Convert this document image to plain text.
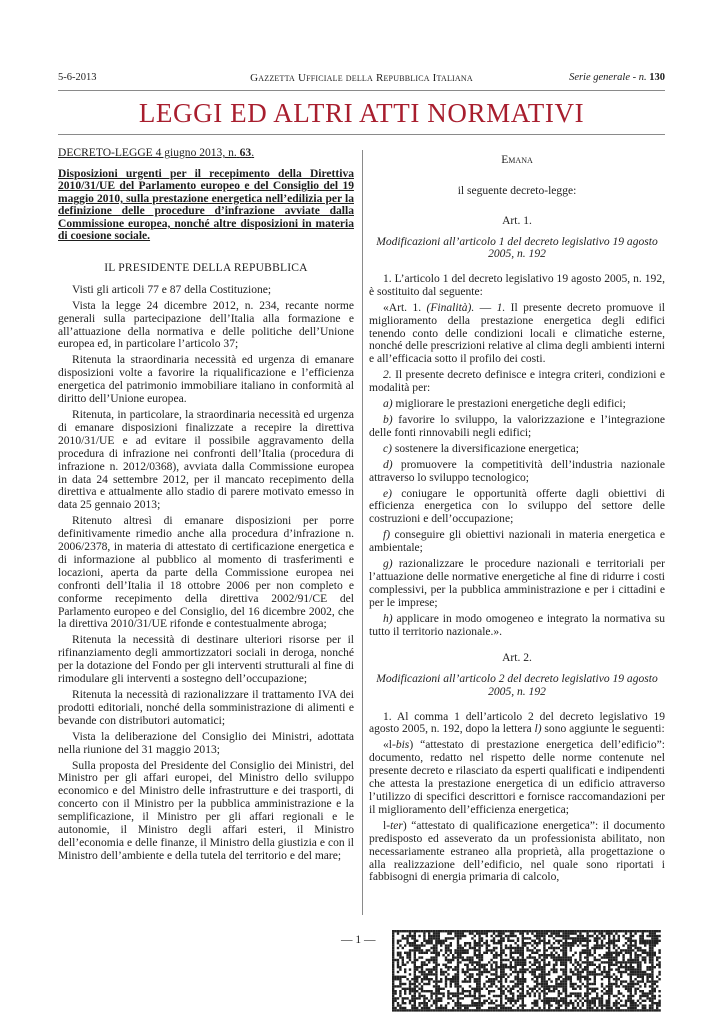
5-6-2013	Gazzetta Ufficiale della Repubblica Italiana	Serie generale - n. 130
LEGGI ED ALTRI ATTI NORMATIVI

DECRETO-LEGGE 4 giugno 2013, n. 63.

Disposizioni urgenti per il recepimento della Direttiva 2010/31/UE del Parlamento europeo e del Consiglio del 19 maggio 2010, sulla prestazione energetica nell’edilizia per la definizione delle procedure d’infrazione avviate dalla Commissione europea, nonché altre disposizioni in materia di coesione sociale.

IL PRESIDENTE DELLA REPUBBLICA

Visti gli articoli 77 e 87 della Costituzione;

Vista la legge 24 dicembre 2012, n. 234, recante norme generali sulla partecipazione dell’Italia alla formazione e all’attuazione della normativa e delle politiche dell’Unione europea ed, in particolare l’articolo 37;

Ritenuta la straordinaria necessità ed urgenza di emanare disposizioni volte a favorire la riqualificazione e l’efficienza energetica del patrimonio immobiliare italiano in conformità al diritto dell’Unione europea.

Ritenuta, in particolare, la straordinaria necessità ed urgenza di emanare disposizioni finalizzate a recepire la direttiva 2010/31/UE e ad evitare il possibile aggravamento della procedura di infrazione nei confronti dell’Italia (procedura di infrazione n. 2012/0368), avviata dalla Commissione europea in data 24 settembre 2012, per il mancato recepimento della direttiva e attualmente allo stadio di parere motivato emesso in data 25 gennaio 2013;

Ritenuto altresì di emanare disposizioni per porre definitivamente rimedio anche alla procedura d’infrazione n. 2006/2378, in materia di attestato di certificazione energetica e di informazione al pubblico al momento di trasferimenti e locazioni, aperta da parte della Commissione europea nei confronti dell’Italia il 18 ottobre 2006 per non completo e conforme recepimento della direttiva 2002/91/CE del Parlamento europeo e del Consiglio, del 16 dicembre 2002, che la direttiva 2010/31/UE rifonde e contestualmente abroga;

Ritenuta la necessità di destinare ulteriori risorse per il rifinanziamento degli ammortizzatori sociali in deroga, nonché per la dotazione del Fondo per gli interventi strutturali al fine di rimodulare gli interventi a sostegno dell’occupazione;

Ritenuta la necessità di razionalizzare il trattamento IVA dei prodotti editoriali, nonché della somministrazione di alimenti e bevande con distributori automatici;

Vista la deliberazione del Consiglio dei Ministri, adottata nella riunione del 31 maggio 2013;

Sulla proposta del Presidente del Consiglio dei Ministri, del Ministro per gli affari europei, del Ministro dello sviluppo economico e del Ministro delle infrastrutture e dei trasporti, di concerto con il Ministro per la pubblica amministrazione e la semplificazione, il Ministro per gli affari regionali e le autonomie, il Ministro degli affari esteri, il Ministro dell’economia e delle finanze, il Ministro della giustizia e con il Ministro dell’ambiente e della tutela del territorio e del mare;

Emana

il seguente decreto-legge:

Art. 1.

Modificazioni all’articolo 1 del decreto legislativo 19 agosto 2005, n. 192

1. L’articolo 1 del decreto legislativo 19 agosto 2005, n. 192, è sostituito dal seguente:

«Art. 1. (Finalità). — 1. Il presente decreto promuove il miglioramento della prestazione energetica degli edifici tenendo conto delle condizioni locali e climatiche esterne, nonché delle prescrizioni relative al clima degli ambienti interni e all’efficacia sotto il profilo dei costi.

2. Il presente decreto definisce e integra criteri, condizioni e modalità per:

a) migliorare le prestazioni energetiche degli edifici;

b) favorire lo sviluppo, la valorizzazione e l’integrazione delle fonti rinnovabili negli edifici;

c) sostenere la diversificazione energetica;

d) promuovere la competitività dell’industria nazionale attraverso lo sviluppo tecnologico;

e) coniugare le opportunità offerte dagli obiettivi di efficienza energetica con lo sviluppo del settore delle costruzioni e dell’occupazione;

f) conseguire gli obiettivi nazionali in materia energetica e ambientale;

g) razionalizzare le procedure nazionali e territoriali per l’attuazione delle normative energetiche al fine di ridurre i costi complessivi, per la pubblica amministrazione e per i cittadini e per le imprese;

h) applicare in modo omogeneo e integrato la normativa su tutto il territorio nazionale.».

Art. 2.

Modificazioni all’articolo 2 del decreto legislativo 19 agosto 2005, n. 192

1. Al comma 1 dell’articolo 2 del decreto legislativo 19 agosto 2005, n. 192, dopo la lettera l) sono aggiunte le seguenti:

«l-bis) “attestato di prestazione energetica dell’edificio”: documento, redatto nel rispetto delle norme contenute nel presente decreto e rilasciato da esperti qualificati e indipendenti che attesta la prestazione energetica di un edificio attraverso l’utilizzo di specifici descrittori e fornisce raccomandazioni per il miglioramento dell’efficienza energetica;

l-ter) “attestato di qualificazione energetica”: il documento predisposto ed asseverato da un professionista abilitato, non necessariamente estraneo alla proprietà, alla progettazione o alla realizzazione dell’edificio, nel quale sono riportati i fabbisogni di energia primaria di calcolo,

— 1 —
